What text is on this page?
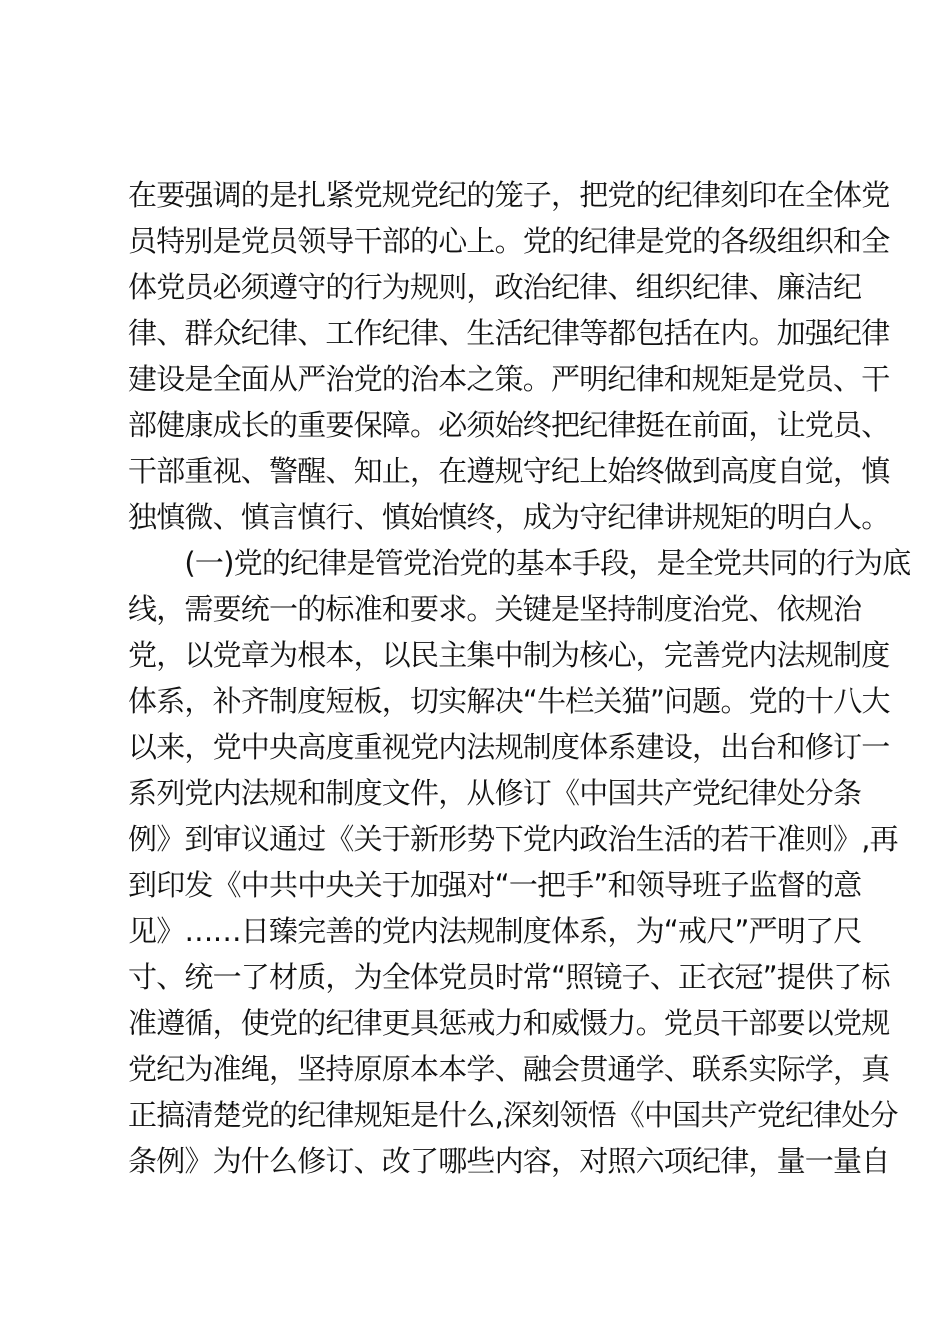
在要强调的是扎紧党规党纪的笼子，把党的纪律刻印在全体党
员特别是党员领导干部的心上。党的纪律是党的各级组织和全
体党员必须遵守的行为规则，政治纪律、组织纪律、廉洁纪
律、群众纪律、工作纪律、生活纪律等都包括在内。加强纪律
建设是全面从严治党的治本之策。严明纪律和规矩是党员、干
部健康成长的重要保障。必须始终把纪律挺在前面，让党员、
干部重视、警醒、知止，在遵规守纪上始终做到高度自觉，慎
独慎微、慎言慎行、慎始慎终，成为守纪律讲规矩的明白人。
　　(一)党的纪律是管党治党的基本手段，是全党共同的行为底
线，需要统一的标准和要求。关键是坚持制度治党、依规治
党，以党章为根本，以民主集中制为核心，完善党内法规制度
体系，补齐制度短板，切实解决“牛栏关猫”问题。党的十八大
以来，党中央高度重视党内法规制度体系建设，出台和修订一
系列党内法规和制度文件，从修订《中国共产党纪律处分条
例》到审议通过《关于新形势下党内政治生活的若干准则》,再
到印发《中共中央关于加强对“一把手”和领导班子监督的意
见》……日臻完善的党内法规制度体系，为“戒尺”严明了尺
寸、统一了材质，为全体党员时常“照镜子、正衣冠”提供了标
准遵循，使党的纪律更具惩戒力和威慑力。党员干部要以党规
党纪为准绳，坚持原原本本学、融会贯通学、联系实际学，真
正搞清楚党的纪律规矩是什么,深刻领悟《中国共产党纪律处分
条例》为什么修订、改了哪些内容，对照六项纪律，量一量自
